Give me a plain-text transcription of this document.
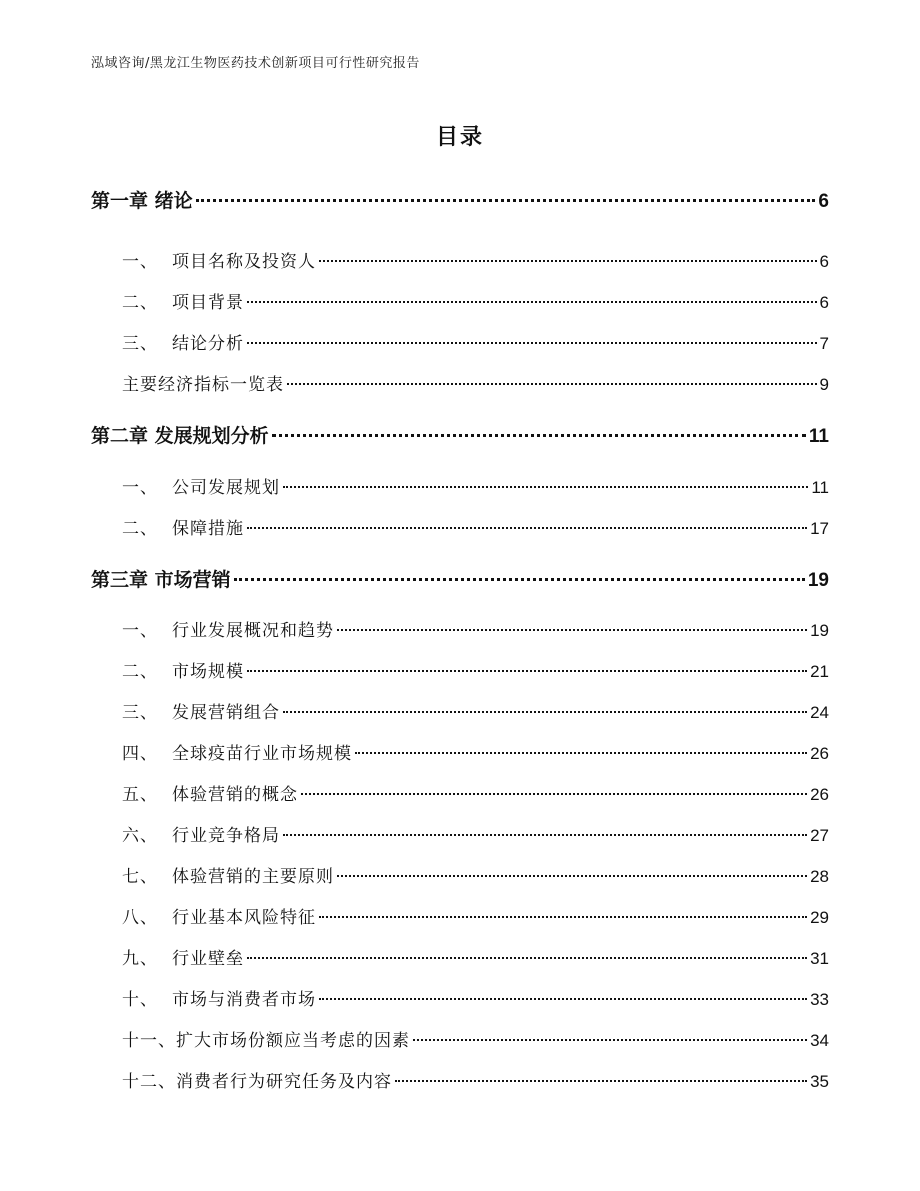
泓域咨询/黑龙江生物医药技术创新项目可行性研究报告
目录
第一章 绪论	6
一、 项目名称及投资人	6
二、 项目背景	6
三、 结论分析	7
主要经济指标一览表	9
第二章 发展规划分析	11
一、 公司发展规划	11
二、 保障措施	17
第三章 市场营销	19
一、 行业发展概况和趋势	19
二、 市场规模	21
三、 发展营销组合	24
四、 全球疫苗行业市场规模	26
五、 体验营销的概念	26
六、 行业竞争格局	27
七、 体验营销的主要原则	28
八、 行业基本风险特征	29
九、 行业壁垒	31
十、 市场与消费者市场	33
十一、扩大市场份额应当考虑的因素	34
十二、消费者行为研究任务及内容	35
